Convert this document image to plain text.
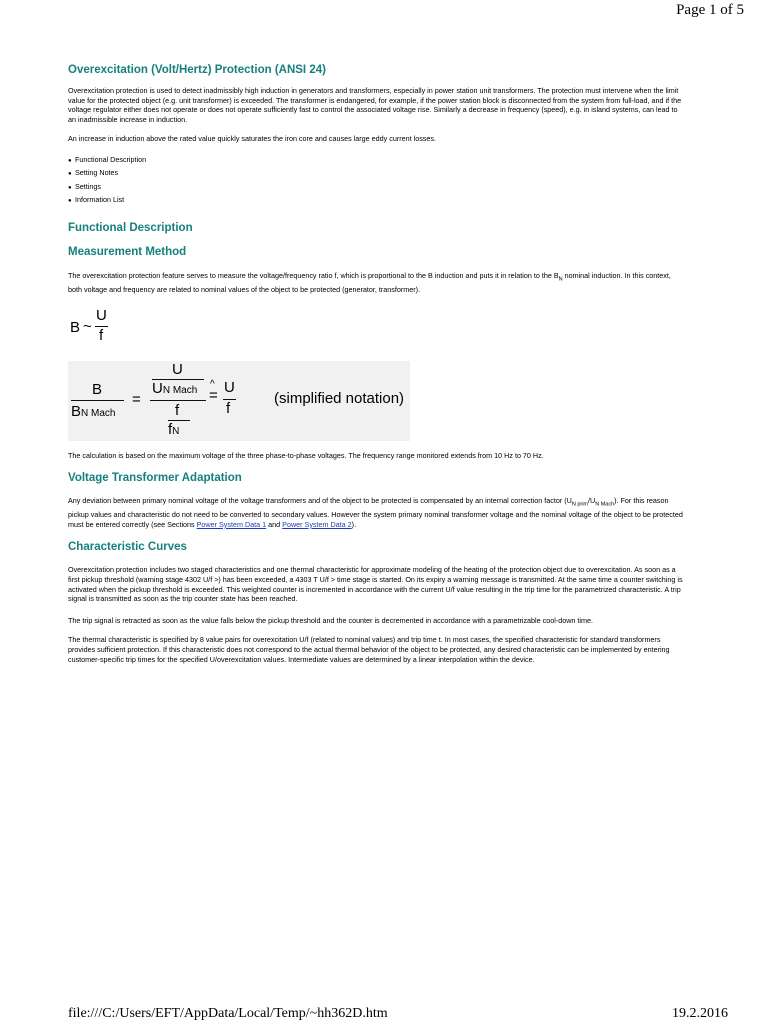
Page 1 of 5
Overexcitation (Volt/Hertz) Protection (ANSI 24)

Overexcitation protection is used to detect inadmissibly high induction in generators and transformers, especially in power station unit transformers. The protection must intervene when the limit value for the protected object (e.g. unit transformer) is exceeded. The transformer is endangered, for example, if the power station block is disconnected from the system from full-load, and if the voltage regulator either does not operate or does not operate sufficiently fast to control the associated voltage rise. Similarly a decrease in frequency (speed), e.g. in island systems, can lead to an inadmissible increase in induction.

An increase in induction above the rated value quickly saturates the iron core and causes large eddy current losses.

● Functional Description
● Setting Notes
● Settings
● Information List
Functional Description
Measurement Method

The overexcitation protection feature serves to measure the voltage/frequency ratio f, which is proportional to the B induction and puts it in relation to the $B_N$ nominal induction. In this context, both voltage and frequency are related to nominal values of the object to be protected (generator, transformer).

B ~
U
f
B
BN Mach
=
U
UN Mach
f
fN
^
= U
f
(simplified notation)

The calculation is based on the maximum voltage of the three phase-to-phase voltages. The frequency range monitored extends from 10 Hz to 70 Hz.

Voltage Transformer Adaptation

Any deviation between primary nominal voltage of the voltage transformers and of the object to be protected is compensated by an internal correction factor $(U_{N prim}/U_{N Mach})$. For this reason pickup values and characteristic do not need to be converted to secondary values. However the system primary nominal transformer voltage and the nominal voltage of the object to be protected must be entered correctly (see Sections Power System Data 1 and Power System Data 2).

Characteristic Curves

Overexcitation protection includes two staged characteristics and one thermal characteristic for approximate modeling of the heating of the protection object due to overexcitation. As soon as a first pickup threshold (warning stage 4302 U/f >) has been exceeded, a 4303 T U/f > time stage is started. On its expiry a warning message is transmitted. At the same time a counter switching is activated when the pickup threshold is exceeded. This weighted counter is incremented in accordance with the current U/f value resulting in the trip time for the parametrized characteristic. A trip signal is transmitted as soon as the trip counter state has been reached.

The trip signal is retracted as soon as the value falls below the pickup threshold and the counter is decremented in accordance with a parametrizable cool-down time.

The thermal characteristic is specified by 8 value pairs for overexcitation U/f (related to nominal values) and trip time t. In most cases, the specified characteristic for standard transformers provides sufficient protection. If this characteristic does not correspond to the actual thermal behavior of the object to be protected, any desired characteristic can be implemented by entering customer-specific trip times for the specified U/overexcitation values. Intermediate values are determined by a linear interpolation within the device.

file:///C:/Users/EFT/AppData/Local/Temp/~hh362D.htm	19.2.2016
